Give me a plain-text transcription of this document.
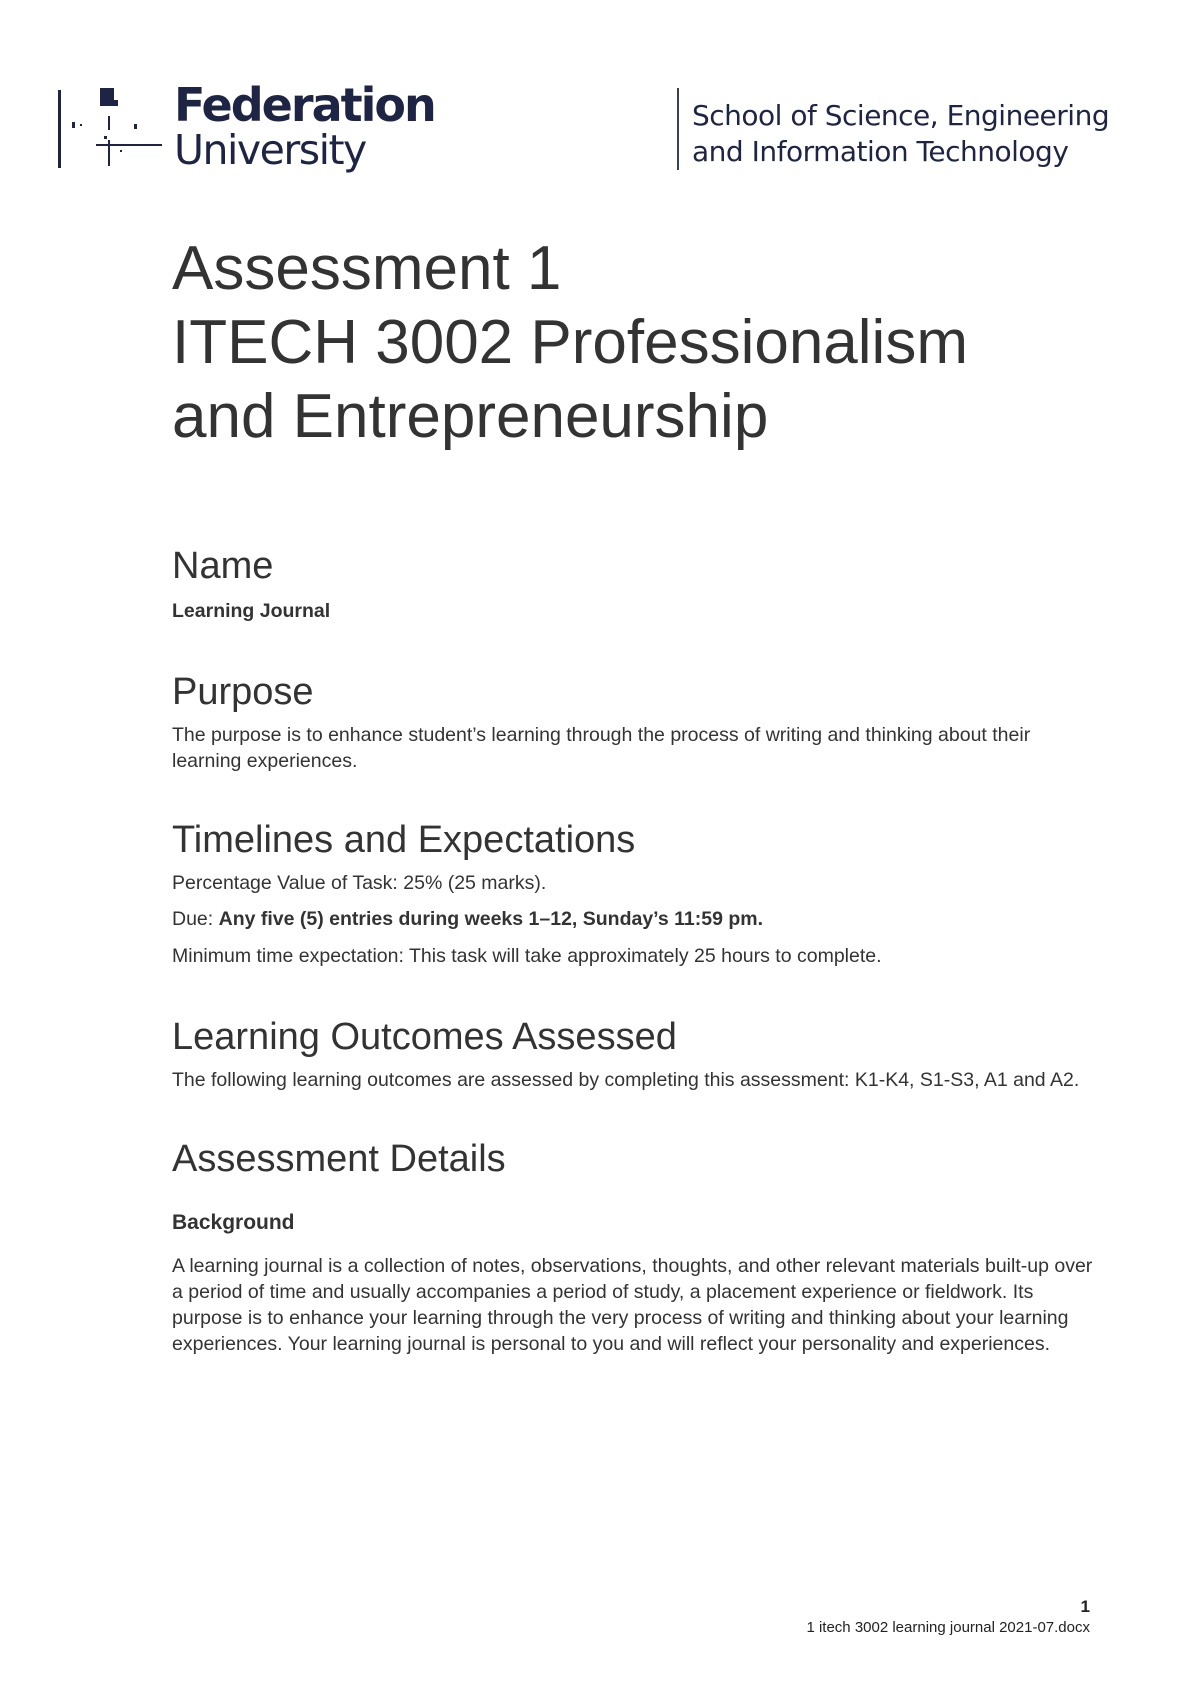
Federation
University
School of Science, Engineering
and Information Technology
Assessment 1
ITECH 3002 Professionalism
and Entrepreneurship
Name

Learning Journal

Purpose

The purpose is to enhance student’s learning through the process of writing and thinking about their learning experiences.

Timelines and Expectations

Percentage Value of Task: 25% (25 marks).

Due: Any five (5) entries during weeks 1–12, Sunday’s 11:59 pm.

Minimum time expectation: This task will take approximately 25 hours to complete.

Learning Outcomes Assessed

The following learning outcomes are assessed by completing this assessment: K1-K4, S1-S3, A1 and A2.

Assessment Details
Background

A learning journal is a collection of notes, observations, thoughts, and other relevant materials built-up over a period of time and usually accompanies a period of study, a placement experience or fieldwork. Its purpose is to enhance your learning through the very process of writing and thinking about your learning experiences. Your learning journal is personal to you and will reflect your personality and experiences.

1
1 itech 3002 learning journal 2021-07.docx
